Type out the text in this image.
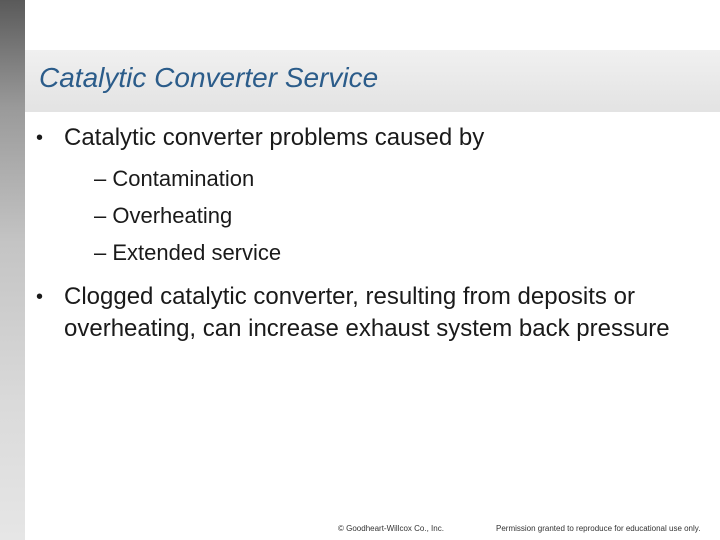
Catalytic Converter Service
• Catalytic converter problems caused by
– Contamination
– Overheating
– Extended service
• Clogged catalytic converter, resulting from deposits or overheating, can increase exhaust system back pressure
© Goodheart-Willcox Co., Inc.	Permission granted to reproduce for educational use only.
